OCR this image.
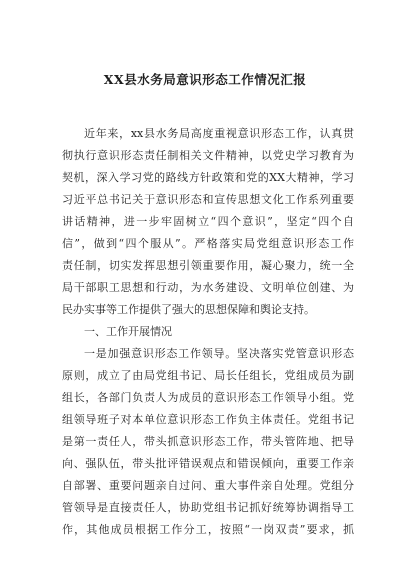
XX县水务局意识形态工作情况汇报
近年来，xx县水务局高度重视意识形态工作，认真贯
彻执行意识形态责任制相关文件精神，以党史学习教育为
契机，深入学习党的路线方针政策和党的XX大精神，学习
习近平总书记关于意识形态和宣传思想文化工作系列重要
讲话精神，进一步牢固树立“四个意识”，坚定“四个自
信”，做到“四个服从”。严格落实局党组意识形态工作
责任制，切实发挥思想引领重要作用，凝心聚力，统一全
局干部职工思想和行动，为水务建设、文明单位创建、为
民办实事等工作提供了强大的思想保障和舆论支持。
一、工作开展情况
一是加强意识形态工作领导。坚决落实党管意识形态
原则，成立了由局党组书记、局长任组长，党组成员为副
组长，各部门负责人为成员的意识形态工作领导小组。党
组领导班子对本单位意识形态工作负主体责任。党组书记
是第一责任人，带头抓意识形态工作，带头管阵地、把导
向、强队伍，带头批评错误观点和错误倾向，重要工作亲
自部署、重要问题亲自过问、重大事件亲自处理。党组分
管领导是直接责任人，协助党组书记抓好统筹协调指导工
作，其他成员根据工作分工，按照“一岗双责”要求，抓
